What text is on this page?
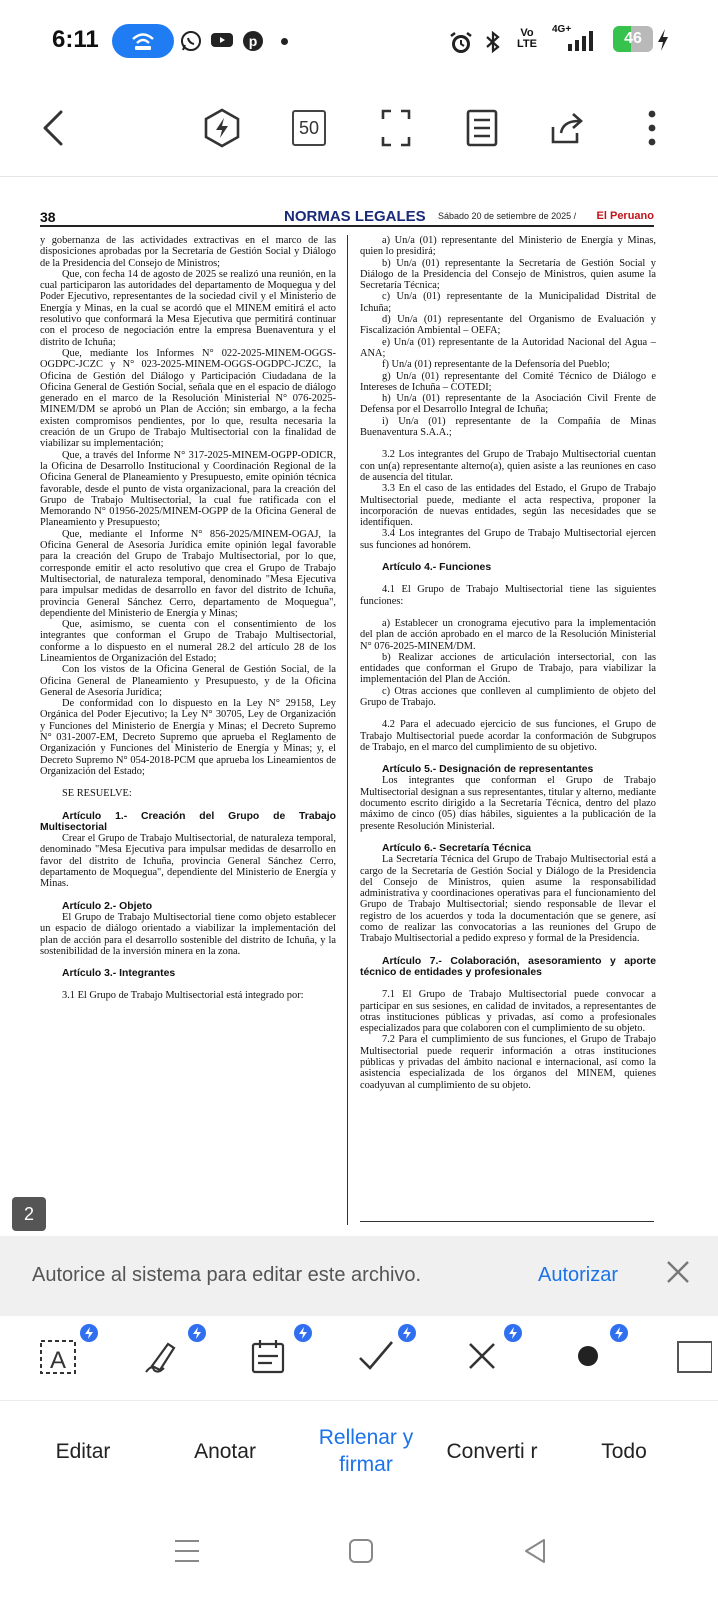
6:11	p	Vo LTE
4G+
46
50
38	NORMAS LEGALES Sábado 20 de setiembre de 2025 / El Peruano

y gobernanza de las actividades extractivas en el marco de las disposiciones aprobadas por la Secretaría de Gestión Social y Diálogo de la Presidencia del Consejo de Ministros;

Que, con fecha 14 de agosto de 2025 se realizó una reunión, en la cual participaron las autoridades del departamento de Moquegua y del Poder Ejecutivo, representantes de la sociedad civil y el Ministerio de Energía y Minas, en la cual se acordó que el MINEM emitirá el acto resolutivo que conformará la Mesa Ejecutiva que permitirá continuar con el proceso de negociación entre la empresa Buenaventura y el distrito de Ichuña;

Que, mediante los Informes N° 022-2025-MINEM-OGGS-OGDPC-JCZC y N° 023-2025-MINEM-OGGS-OGDPC-JCZC, la Oficina de Gestión del Diálogo y Participación Ciudadana de la Oficina General de Gestión Social, señala que en el espacio de diálogo generado en el marco de la Resolución Ministerial N° 076-2025-MINEM/DM se aprobó un Plan de Acción; sin embargo, a la fecha existen compromisos pendientes, por lo que, resulta necesaria la creación de un Grupo de Trabajo Multisectorial con la finalidad de viabilizar su implementación;

Que, a través del Informe N° 317-2025-MINEM-OGPP-ODICR, la Oficina de Desarrollo Institucional y Coordinación Regional de la Oficina General de Planeamiento y Presupuesto, emite opinión técnica favorable, desde el punto de vista organizacional, para la creación del Grupo de Trabajo Multisectorial, la cual fue ratificada con el Memorando N° 01956-2025/MINEM-OGPP de la Oficina General de Planeamiento y Presupuesto;

Que, mediante el Informe N° 856-2025/MINEM-OGAJ, la Oficina General de Asesoría Jurídica emite opinión legal favorable para la creación del Grupo de Trabajo Multisectorial, por lo que, corresponde emitir el acto resolutivo que crea el Grupo de Trabajo Multisectorial, de naturaleza temporal, denominado "Mesa Ejecutiva para impulsar medidas de desarrollo en favor del distrito de Ichuña, provincia General Sánchez Cerro, departamento de Moquegua", dependiente del Ministerio de Energía y Minas;

Que, asimismo, se cuenta con el consentimiento de los integrantes que conforman el Grupo de Trabajo Multisectorial, conforme a lo dispuesto en el numeral 28.2 del artículo 28 de los Lineamientos de Organización del Estado;

Con los vistos de la Oficina General de Gestión Social, de la Oficina General de Planeamiento y Presupuesto, y de la Oficina General de Asesoría Jurídica;

De conformidad con lo dispuesto en la Ley N° 29158, Ley Orgánica del Poder Ejecutivo; la Ley N° 30705, Ley de Organización y Funciones del Ministerio de Energía y Minas; el Decreto Supremo N° 031-2007-EM, Decreto Supremo que aprueba el Reglamento de Organización y Funciones del Ministerio de Energía y Minas; y, el Decreto Supremo N° 054-2018-PCM que aprueba los Lineamientos de Organización del Estado;

SE RESUELVE:

Artículo 1.- Creación del Grupo de Trabajo Multisectorial

Crear el Grupo de Trabajo Multisectorial, de naturaleza temporal, denominado "Mesa Ejecutiva para impulsar medidas de desarrollo en favor del distrito de Ichuña, provincia General Sánchez Cerro, departamento de Moquegua", dependiente del Ministerio de Energía y Minas.

Artículo 2.- Objeto

El Grupo de Trabajo Multisectorial tiene como objeto establecer un espacio de diálogo orientado a viabilizar la implementación del plan de acción para el desarrollo sostenible del distrito de Ichuña, y la sostenibilidad de la inversión minera en la zona.

Artículo 3.- Integrantes

3.1 El Grupo de Trabajo Multisectorial está integrado por:

a) Un/a (01) representante del Ministerio de Energía y Minas, quien lo presidirá;

b) Un/a (01) representante la Secretaría de Gestión Social y Diálogo de la Presidencia del Consejo de Ministros, quien asume la Secretaría Técnica;

c) Un/a (01) representante de la Municipalidad Distrital de Ichuña;

d) Un/a (01) representante del Organismo de Evaluación y Fiscalización Ambiental – OEFA;

e) Un/a (01) representante de la Autoridad Nacional del Agua – ANA;

f) Un/a (01) representante de la Defensoría del Pueblo;

g) Un/a (01) representante del Comité Técnico de Diálogo e Intereses de Ichuña – COTEDI;

h) Un/a (01) representante de la Asociación Civil Frente de Defensa por el Desarrollo Integral de Ichuña;

i) Un/a (01) representante de la Compañía de Minas Buenaventura S.A.A.;

3.2 Los integrantes del Grupo de Trabajo Multisectorial cuentan con un(a) representante alterno(a), quien asiste a las reuniones en caso de ausencia del titular.

3.3 En el caso de las entidades del Estado, el Grupo de Trabajo Multisectorial puede, mediante el acta respectiva, proponer la incorporación de nuevas entidades, según las necesidades que se identifiquen.

3.4 Los integrantes del Grupo de Trabajo Multisectorial ejercen sus funciones ad honórem.

Artículo 4.- Funciones

4.1 El Grupo de Trabajo Multisectorial tiene las siguientes funciones:

a) Establecer un cronograma ejecutivo para la implementación del plan de acción aprobado en el marco de la Resolución Ministerial N° 076-2025-MINEM/DM.

b) Realizar acciones de articulación intersectorial, con las entidades que conforman el Grupo de Trabajo, para viabilizar la implementación del Plan de Acción.

c) Otras acciones que conlleven al cumplimiento de objeto del Grupo de Trabajo.

4.2 Para el adecuado ejercicio de sus funciones, el Grupo de Trabajo Multisectorial puede acordar la conformación de Subgrupos de Trabajo, en el marco del cumplimiento de su objetivo.

Artículo 5.- Designación de representantes

Los integrantes que conforman el Grupo de Trabajo Multisectorial designan a sus representantes, titular y alterno, mediante documento escrito dirigido a la Secretaría Técnica, dentro del plazo máximo de cinco (05) días hábiles, siguientes a la publicación de la presente Resolución Ministerial.

Artículo 6.- Secretaría Técnica

La Secretaría Técnica del Grupo de Trabajo Multisectorial está a cargo de la Secretaría de Gestión Social y Diálogo de la Presidencia del Consejo de Ministros, quien asume la responsabilidad administrativa y coordinaciones operativas para el funcionamiento del Grupo de Trabajo Multisectorial; siendo responsable de llevar el registro de los acuerdos y toda la documentación que se genere, así como de realizar las convocatorias a las reuniones del Grupo de Trabajo Multisectorial a pedido expreso y formal de la Presidencia.

Artículo 7.- Colaboración, asesoramiento y aporte técnico de entidades y profesionales

7.1 El Grupo de Trabajo Multisectorial puede convocar a participar en sus sesiones, en calidad de invitados, a representantes de otras instituciones públicas y privadas, así como a profesionales especializados para que colaboren con el cumplimiento de su objeto.

7.2 Para el cumplimiento de sus funciones, el Grupo de Trabajo Multisectorial puede requerir información a otras instituciones públicas y privadas del ámbito nacional e internacional, así como la asistencia especializada de los órganos del MINEM, quienes coadyuvan al cumplimiento de su objeto.

2
Autorice al sistema para editar este archivo.	Autorizar
A
Editar	Anotar
Rellenar y firmar
Converti r	Todo
